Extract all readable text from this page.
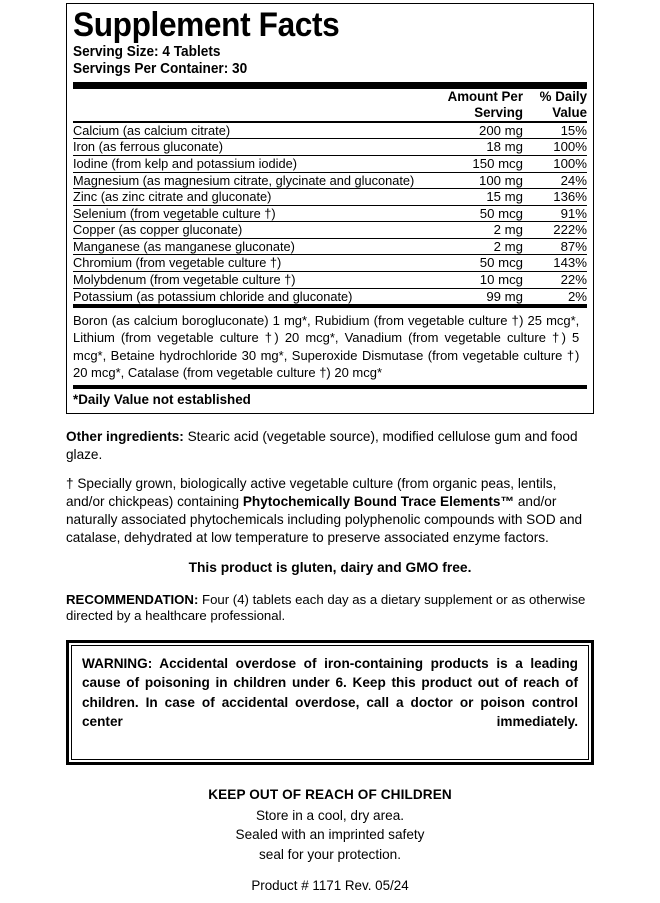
Supplement Facts
Serving Size: 4 Tablets
Servings Per Container: 30

Amount Per
Serving

% Daily
Value

Calcium (as calcium citrate)	200 mg	15%
Iron (as ferrous gluconate)	18 mg	100%
Iodine (from kelp and potassium iodide)	150 mcg	100%
Magnesium (as magnesium citrate, glycinate and gluconate)	100 mg	24%
Zinc (as zinc citrate and gluconate)	15 mg	136%
Selenium (from vegetable culture †)	50 mcg	91%
Copper (as copper gluconate)	2 mg	222%
Manganese (as manganese gluconate)	2 mg	87%
Chromium (from vegetable culture †)	50 mcg	143%
Molybdenum (from vegetable culture †)	10 mcg	22%
Potassium (as potassium chloride and gluconate)	99 mg	2%
Boron (as calcium borogluconate) 1 mg*, Rubidium (from vegetable culture †) 25 mcg*, Lithium (from vegetable culture †) 20 mcg*, Vanadium (from vegetable culture †) 5 mcg*, Betaine hydrochloride 30 mg*, Superoxide Dismutase (from vegetable culture †) 20 mcg*, Catalase (from vegetable culture †) 20 mcg*
*Daily Value not established

Other ingredients: Stearic acid (vegetable source), modified cellulose gum and food glaze.

† Specially grown, biologically active vegetable culture (from organic peas, lentils, and/or chickpeas) containing Phytochemically Bound Trace Elements™ and/or naturally associated phytochemicals including polyphenolic compounds with SOD and catalase, dehydrated at low temperature to preserve associated enzyme factors.

This product is gluten, dairy and GMO free.

RECOMMENDATION: Four (4) tablets each day as a dietary supplement or as otherwise directed by a healthcare professional.

WARNING: Accidental overdose of iron-containing products is a leading cause of poisoning in children under 6. Keep this product out of reach of children. In case of accidental overdose, call a doctor or poison control center immediately.
KEEP OUT OF REACH OF CHILDREN
Store in a cool, dry area.
Sealed with an imprinted safety
seal for your protection.
Product # 1171 Rev. 05/24
